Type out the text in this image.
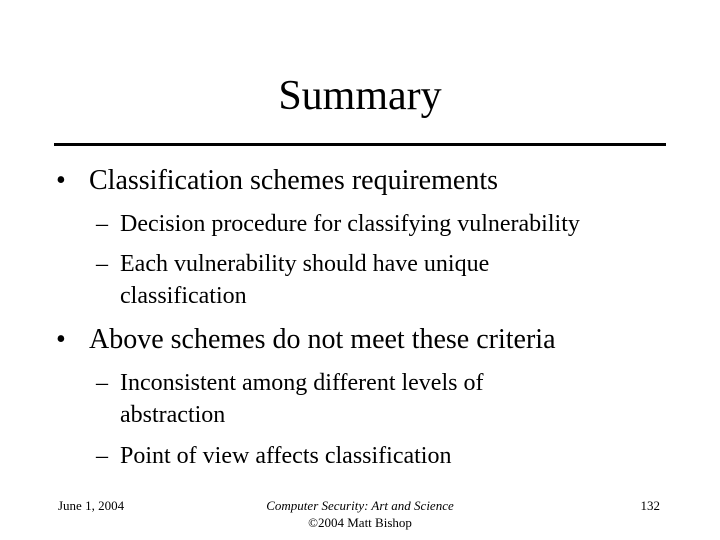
Summary
• Classification schemes requirements
– Decision procedure for classifying vulnerability
– Each vulnerability should have unique
classification
• Above schemes do not meet these criteria
– Inconsistent among different levels of
abstraction
– Point of view affects classification
June 1, 2004	Computer Security: Art and Science
©2004 Matt Bishop
132
